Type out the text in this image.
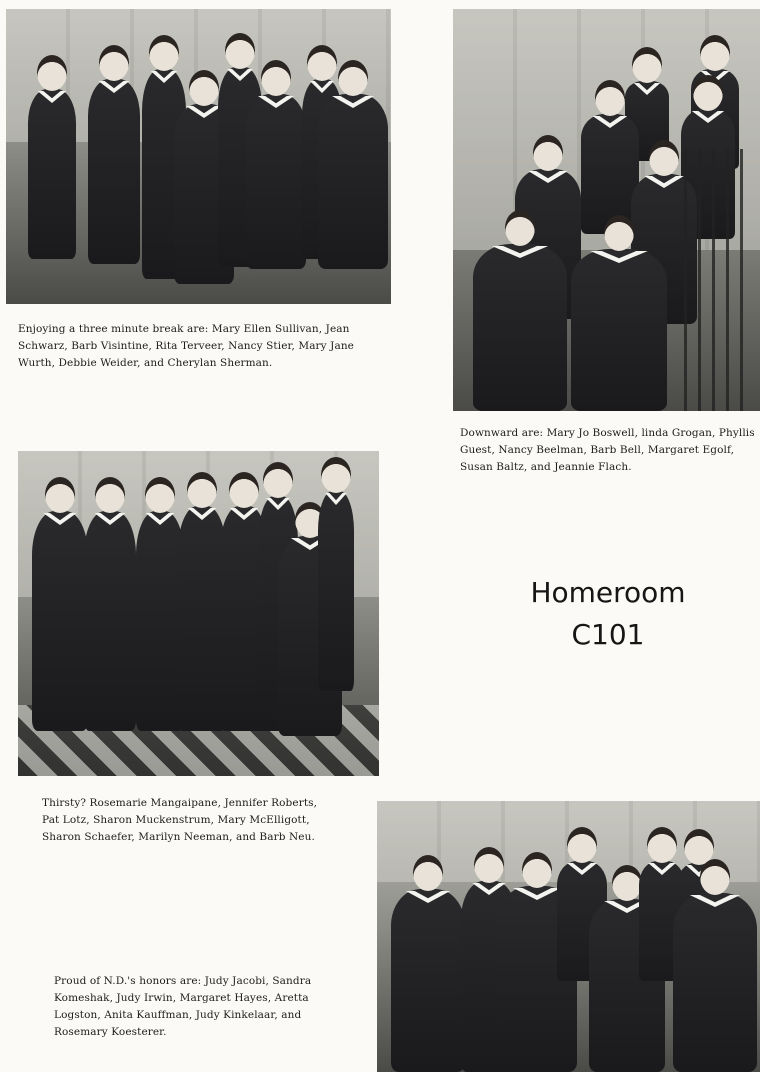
Enjoying a three minute break are: Mary Ellen Sullivan, Jean Schwarz, Barb Visintine, Rita Terveer, Nancy Stier, Mary Jane Wurth, Debbie Weider, and Cherylan Sherman.

Downward are: Mary Jo Boswell, linda Grogan, Phyllis Guest, Nancy Beelman, Barb Bell, Margaret Egolf, Susan Baltz, and Jeannie Flach.

Thirsty? Rosemarie Mangaipane, Jennifer Roberts, Pat Lotz, Sharon Muckenstrum, Mary McElligott, Sharon Schaefer, Marilyn Neeman, and Barb Neu.

Proud of N.D.'s honors are: Judy Jacobi, Sandra Komeshak, Judy Irwin, Margaret Hayes, Aretta Logston, Anita Kauffman, Judy Kinkelaar, and Rosemary Koesterer.

Homeroom
C101
